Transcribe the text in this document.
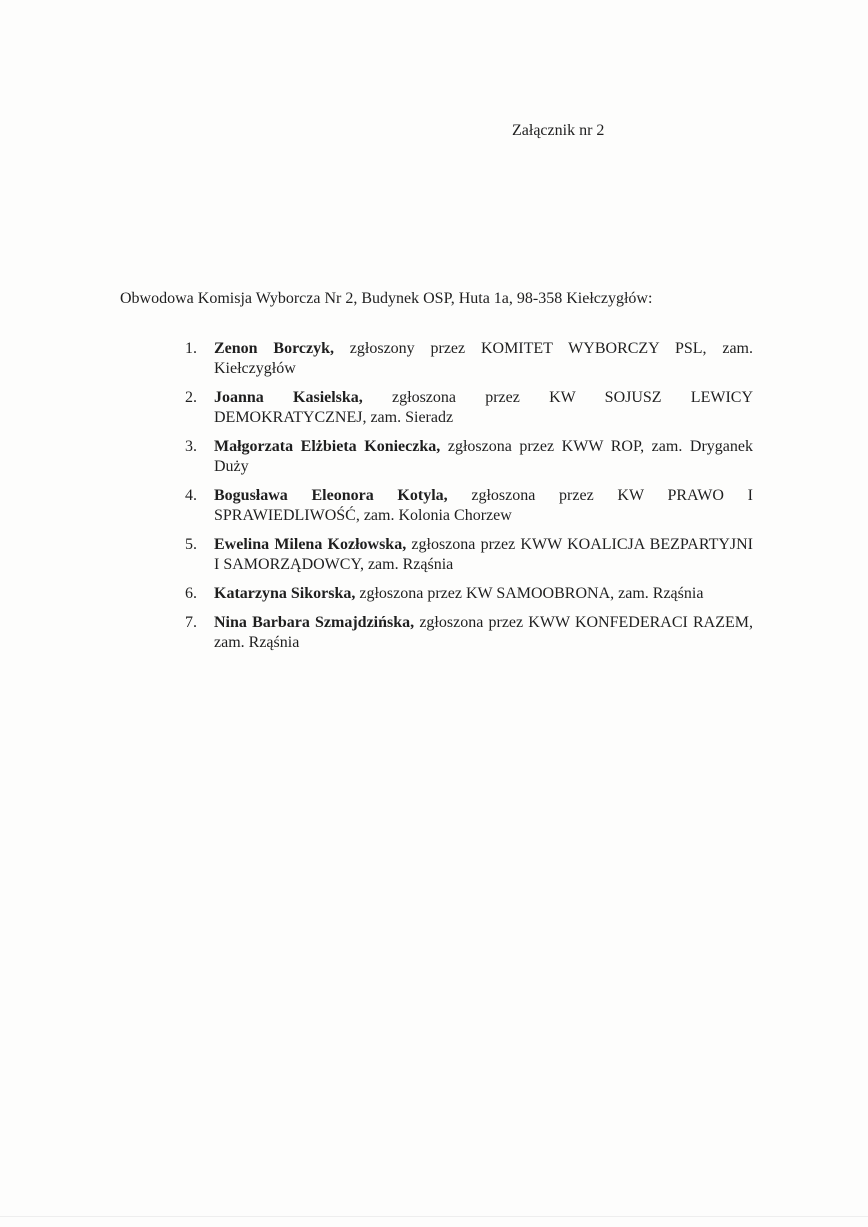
Załącznik nr 2
Obwodowa Komisja Wyborcza Nr 2, Budynek OSP, Huta 1a, 98-358 Kiełczygłów:
1. Zenon Borczyk, zgłoszony przez KOMITET WYBORCZY PSL, zam. Kiełczygłów
2. Joanna Kasielska, zgłoszona przez KW SOJUSZ LEWICY DEMOKRATYCZNEJ, zam. Sieradz
3. Małgorzata Elżbieta Konieczka, zgłoszona przez KWW ROP, zam. Dryganek Duży
4. Bogusława Eleonora Kotyla, zgłoszona przez KW PRAWO I SPRAWIEDLIWOŚĆ, zam. Kolonia Chorzew
5. Ewelina Milena Kozłowska, zgłoszona przez KWW KOALICJA BEZPARTYJNI I SAMORZĄDOWCY, zam. Rząśnia
6. Katarzyna Sikorska, zgłoszona przez KW SAMOOBRONA, zam. Rząśnia
7. Nina Barbara Szmajdzińska, zgłoszona przez KWW KONFEDERACI RAZEM, zam. Rząśnia
